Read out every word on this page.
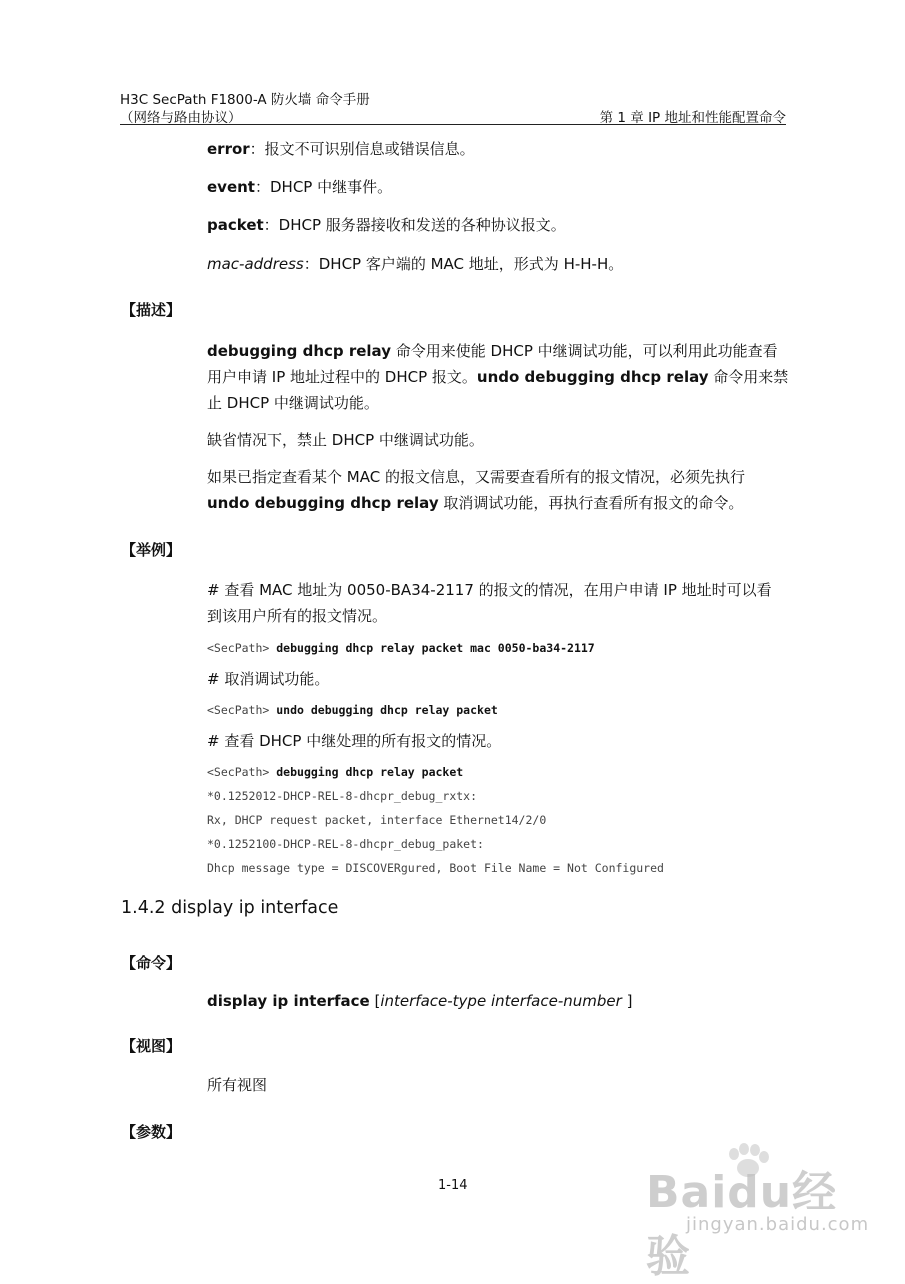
H3C SecPath F1800-A 防火墙 命令手册
（网络与路由协议）	第 1 章 IP 地址和性能配置命令
error：报文不可识别信息或错误信息。
event：DHCP 中继事件。
packet：DHCP 服务器接收和发送的各种协议报文。
mac-address：DHCP 客户端的 MAC 地址，形式为 H-H-H。
【描述】
debugging dhcp relay 命令用来使能 DHCP 中继调试功能，可以利用此功能查看
用户申请 IP 地址过程中的 DHCP 报文。undo debugging dhcp relay 命令用来禁
止 DHCP 中继调试功能。
缺省情况下，禁止 DHCP 中继调试功能。
如果已指定查看某个 MAC 的报文信息，又需要查看所有的报文情况，必须先执行
undo debugging dhcp relay 取消调试功能，再执行查看所有报文的命令。
【举例】
# 查看 MAC 地址为 0050-BA34-2117 的报文的情况，在用户申请 IP 地址时可以看
到该用户所有的报文情况。
<SecPath> debugging dhcp relay packet mac 0050-ba34-2117
# 取消调试功能。
<SecPath> undo debugging dhcp relay packet
# 查看 DHCP 中继处理的所有报文的情况。
<SecPath> debugging dhcp relay packet
*0.1252012-DHCP-REL-8-dhcpr_debug_rxtx:
Rx, DHCP request packet, interface Ethernet14/2/0
*0.1252100-DHCP-REL-8-dhcpr_debug_paket:
Dhcp message type = DISCOVERgured, Boot File Name = Not Configured
1.4.2 display ip interface
【命令】
display ip interface [interface-type interface-number ]
【视图】
所有视图
【参数】
1-14	Baidu经验
jingyan.baidu.com
